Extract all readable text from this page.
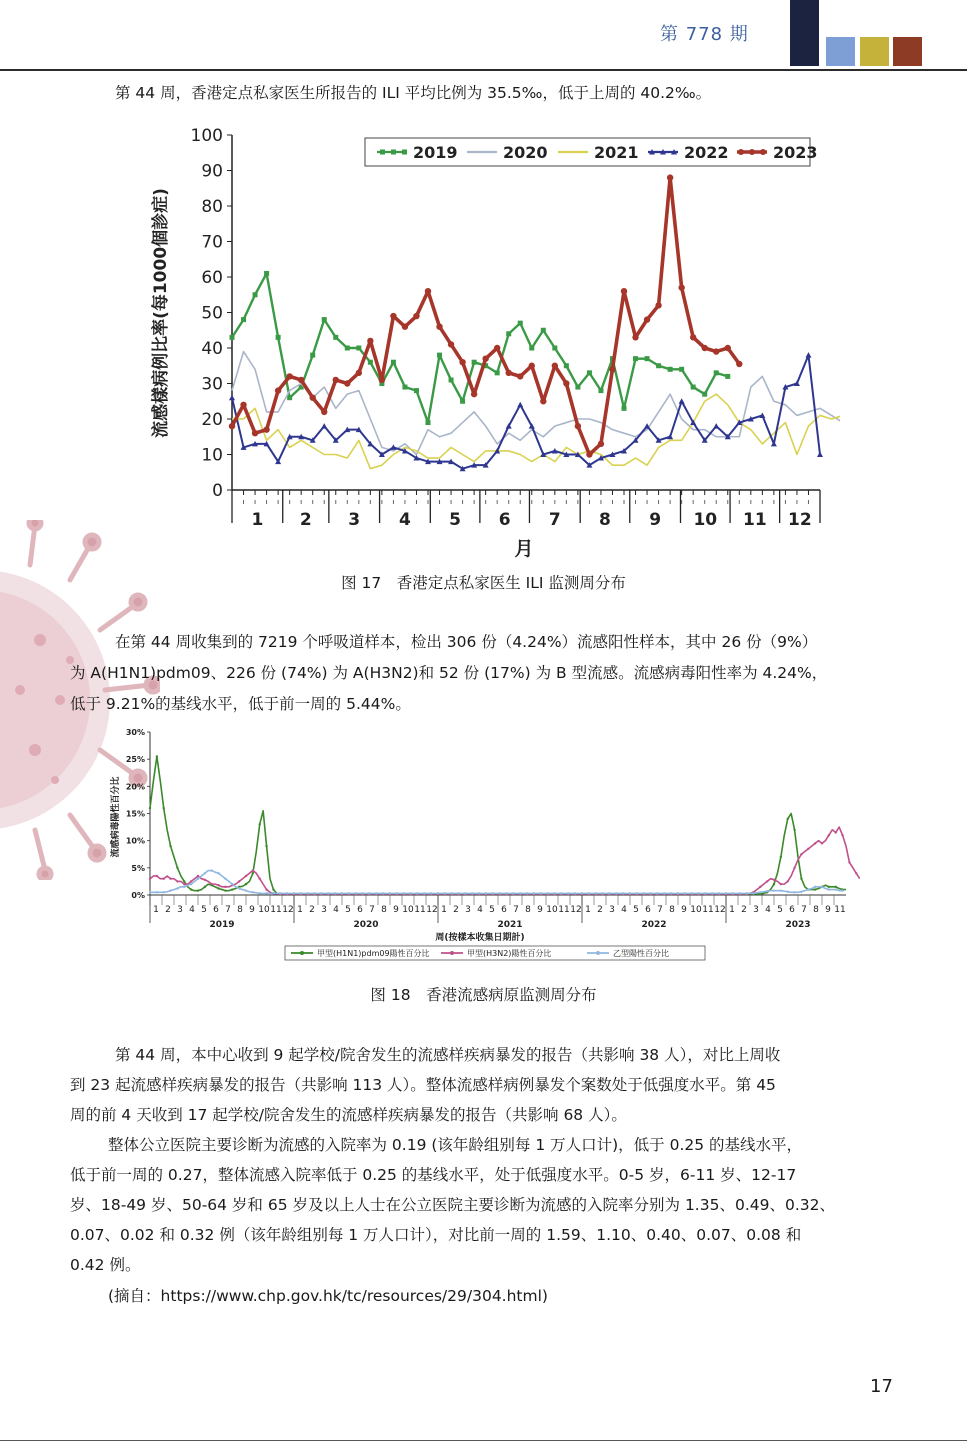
第 778 期

第 44 周，香港定点私家医生所报告的 ILI 平均比例为 35.5‰，低于上周的 40.2‰。

0
10
20
30
40
50
60
70
80
90
100
1 2 3 4 5 6 7 8 9 10 11 12
月
流感樣病例比率(每1000個診症)
2019	2020	2021	2022	2023
图 17　香港定点私家医生 ILI 监测周分布

在第 44 周收集到的 7219 个呼吸道样本，检出 306 份（4.24%）流感阳性样本，其中 26 份（9%）

为 A(H1N1)pdm09、226 份 (74%) 为 A(H3N2)和 52 份 (17%) 为 B 型流感。流感病毒阳性率为 4.24%，

低于 9.21%的基线水平，低于前一周的 5.44%。

0%
5%
10%
15%
20%
25%
30%
流感病毒陽性百分比
1 2 3 4 5 6 7 8 9 10 11 12 1 2 3 4 5 6 7 8 9 10 11 12 1 2 3 4 5 6 7 8 9 10 11 12 1 2 3 4 5 6 7 8 9 10 11 12 1 2 3 4 5 6 7 8 9 11
2019	2020	2021	2022	2023
周(按樣本收集日期計)
甲型(H1N1)pdm09陽性百分比	甲型(H3N2)陽性百分比	乙型陽性百分比
图 18　香港流感病原监测周分布

第 44 周，本中心收到 9 起学校/院舍发生的流感样疾病暴发的报告（共影响 38 人），对比上周收

到 23 起流感样疾病暴发的报告（共影响 113 人）。整体流感样病例暴发个案数处于低强度水平。第 45

周的前 4 天收到 17 起学校/院舍发生的流感样疾病暴发的报告（共影响 68 人）。

整体公立医院主要诊断为流感的入院率为 0.19 (该年龄组别每 1 万人口计)，低于 0.25 的基线水平，

低于前一周的 0.27，整体流感入院率低于 0.25 的基线水平，处于低强度水平。0-5 岁，6-11 岁、12-17

岁、18-49 岁、50-64 岁和 65 岁及以上人士在公立医院主要诊断为流感的入院率分别为 1.35、0.49、0.32、

0.07、0.02 和 0.32 例（该年龄组别每 1 万人口计），对比前一周的 1.59、1.10、0.40、0.07、0.08 和

0.42 例。

(摘自：https://www.chp.gov.hk/tc/resources/29/304.html)

17
